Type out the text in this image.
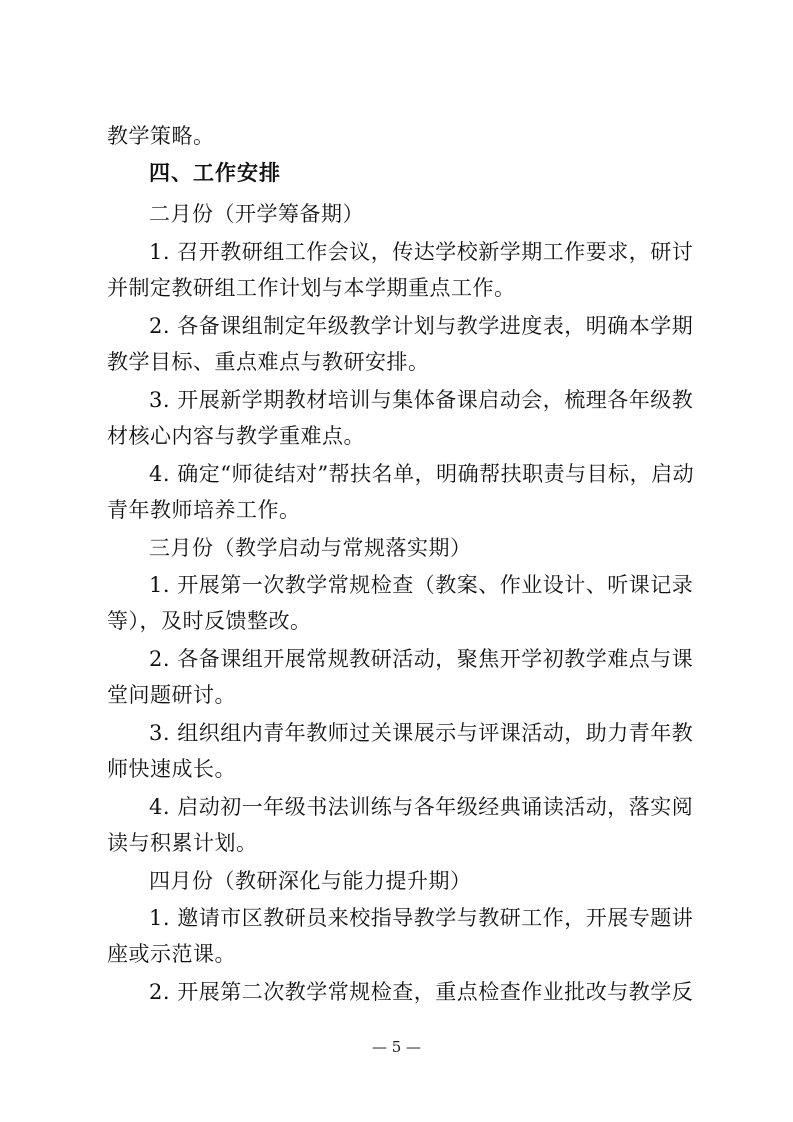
教学策略。
四、工作安排
二月份（开学筹备期）
1. 召开教研组工作会议，传达学校新学期工作要求，研讨
并制定教研组工作计划与本学期重点工作。
2. 各备课组制定年级教学计划与教学进度表，明确本学期
教学目标、重点难点与教研安排。
3. 开展新学期教材培训与集体备课启动会，梳理各年级教
材核心内容与教学重难点。
4. 确定“师徒结对”帮扶名单，明确帮扶职责与目标，启动
青年教师培养工作。
三月份（教学启动与常规落实期）
1. 开展第一次教学常规检查（教案、作业设计、听课记录
等），及时反馈整改。
2. 各备课组开展常规教研活动，聚焦开学初教学难点与课
堂问题研讨。
3. 组织组内青年教师过关课展示与评课活动，助力青年教
师快速成长。
4. 启动初一年级书法训练与各年级经典诵读活动，落实阅
读与积累计划。
四月份（教研深化与能力提升期）
1. 邀请市区教研员来校指导教学与教研工作，开展专题讲
座或示范课。
2. 开展第二次教学常规检查，重点检查作业批改与教学反
— 5 —
